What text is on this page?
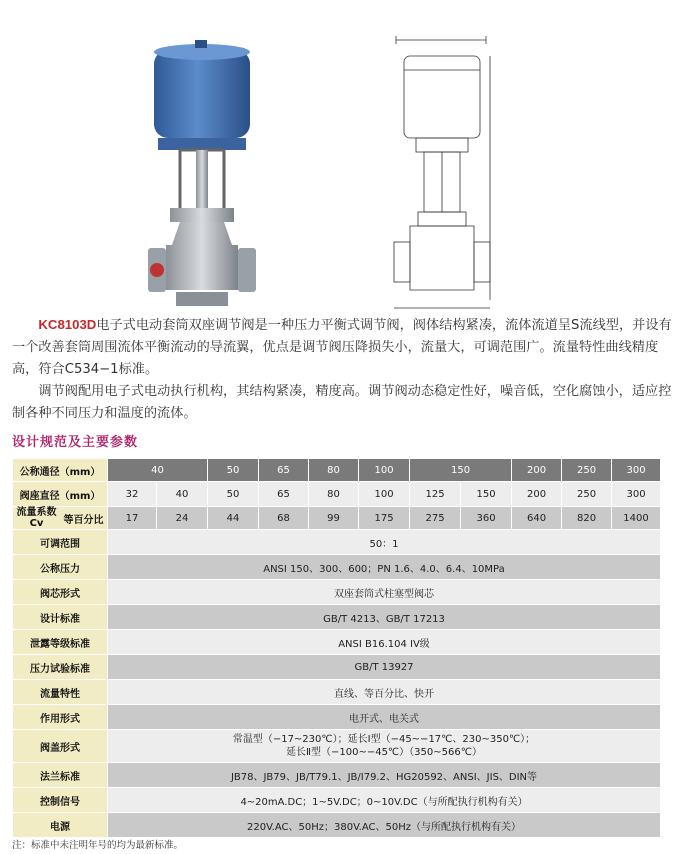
KC8103D电子式电动套筒双座调节阀是一种压力平衡式调节阀，阀体结构紧凑，流体流道呈S流线型，并设有一个改善套筒周围流体平衡流动的导流翼，优点是调节阀压降损失小，流量大，可调范围广。流量特性曲线精度高，符合C534−1标准。

调节阀配用电子式电动执行机构，其结构紧凑，精度高。调节阀动态稳定性好，噪音低，空化腐蚀小，适应控制各种不同压力和温度的流体。

设计规范及主要参数
公称通径（mm）	40		50	65	80	100	150		200	250	300
阀座直径（mm）	32	40	50	65	80	100	125	150	200	250	300

流量系数
Cv 等百分比	17	24	44	68	99	175	275	360	640	820	1400
可调范围	50：1										
公称压力	ANSI 150、300、600；PN 1.6、4.0、6.4、10MPa										
阀芯形式	双座套筒式柱塞型阀芯										
设计标准	GB/T 4213、GB/T 17213										
泄露等级标准	ANSI B16.104 IV级										
压力试验标准	GB/T 13927										
流量特性	直线、等百分比、快开										
作用形式	电开式、电关式										
阀盖形式	常温型（−17~230℃）；延长Ⅰ型（−45~−17℃、230~350℃）；
延长Ⅱ型（−100~−45℃）（350~566℃）										
法兰标准	JB78、JB79、JB/T79.1、JB/I79.2、HG20592、ANSI、JIS、DIN等										
控制信号	4~20mA.DC；1~5V.DC；0~10V.DC（与所配执行机构有关）										
电源	220V.AC、50Hz；380V.AC、50Hz（与所配执行机构有关）										
注：标准中未注明年号的均为最新标准。
